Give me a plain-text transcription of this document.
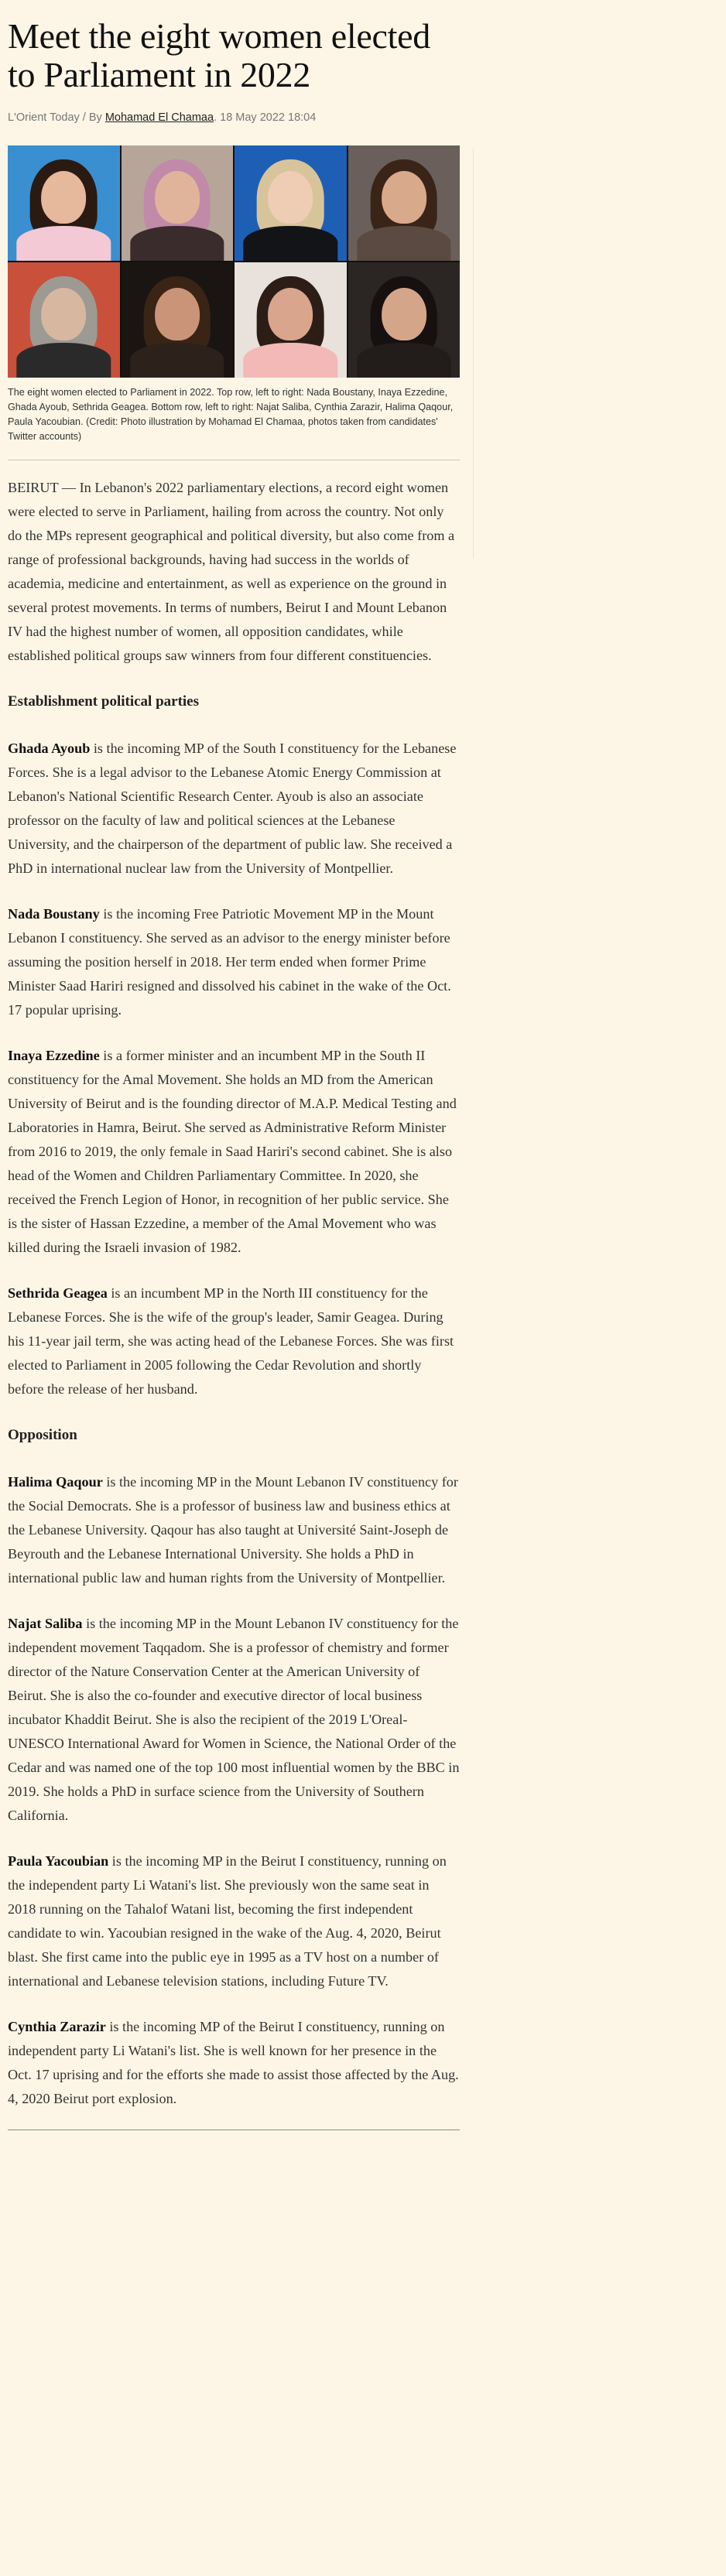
Meet the eight women elected to Parliament in 2022
L'Orient Today / By Mohamad El Chamaa. 18 May 2022 18:04
The eight women elected to Parliament in 2022. Top row, left to right: Nada Boustany, Inaya Ezzedine, Ghada Ayoub, Sethrida Geagea. Bottom row, left to right: Najat Saliba, Cynthia Zarazir, Halima Qaqour, Paula Yacoubian. (Credit: Photo illustration by Mohamad El Chamaa, photos taken from candidates' Twitter accounts)

BEIRUT — In Lebanon's 2022 parliamentary elections, a record eight women were elected to serve in Parliament, hailing from across the country. Not only do the MPs represent geographical and political diversity, but also come from a range of professional backgrounds, having had success in the worlds of academia, medicine and entertainment, as well as experience on the ground in several protest movements. In terms of numbers, Beirut I and Mount Lebanon IV had the highest number of women, all opposition candidates, while established political groups saw winners from four different constituencies.

Establishment political parties

Ghada Ayoub is the incoming MP of the South I constituency for the Lebanese Forces. She is a legal advisor to the Lebanese Atomic Energy Commission at Lebanon's National Scientific Research Center. Ayoub is also an associate professor on the faculty of law and political sciences at the Lebanese University, and the chairperson of the department of public law. She received a PhD in international nuclear law from the University of Montpellier.

Nada Boustany is the incoming Free Patriotic Movement MP in the Mount Lebanon I constituency. She served as an advisor to the energy minister before assuming the position herself in 2018. Her term ended when former Prime Minister Saad Hariri resigned and dissolved his cabinet in the wake of the Oct. 17 popular uprising.

Inaya Ezzedine is a former minister and an incumbent MP in the South II constituency for the Amal Movement. She holds an MD from the American University of Beirut and is the founding director of M.A.P. Medical Testing and Laboratories in Hamra, Beirut. She served as Administrative Reform Minister from 2016 to 2019, the only female in Saad Hariri's second cabinet. She is also head of the Women and Children Parliamentary Committee. In 2020, she received the French Legion of Honor, in recognition of her public service. She is the sister of Hassan Ezzedine, a member of the Amal Movement who was killed during the Israeli invasion of 1982.

Sethrida Geagea is an incumbent MP in the North III constituency for the Lebanese Forces. She is the wife of the group's leader, Samir Geagea. During his 11-year jail term, she was acting head of the Lebanese Forces. She was first elected to Parliament in 2005 following the Cedar Revolution and shortly before the release of her husband.

Opposition

Halima Qaqour is the incoming MP in the Mount Lebanon IV constituency for the Social Democrats. She is a professor of business law and business ethics at the Lebanese University. Qaqour has also taught at Université Saint-Joseph de Beyrouth and the Lebanese International University. She holds a PhD in international public law and human rights from the University of Montpellier.

Najat Saliba is the incoming MP in the Mount Lebanon IV constituency for the independent movement Taqqadom. She is a professor of chemistry and former director of the Nature Conservation Center at the American University of Beirut. She is also the co-founder and executive director of local business incubator Khaddit Beirut. She is also the recipient of the 2019 L'Oreal-UNESCO International Award for Women in Science, the National Order of the Cedar and was named one of the top 100 most influential women by the BBC in 2019. She holds a PhD in surface science from the University of Southern California.

Paula Yacoubian is the incoming MP in the Beirut I constituency, running on the independent party Li Watani's list. She previously won the same seat in 2018 running on the Tahalof Watani list, becoming the first independent candidate to win. Yacoubian resigned in the wake of the Aug. 4, 2020, Beirut blast. She first came into the public eye in 1995 as a TV host on a number of international and Lebanese television stations, including Future TV.

Cynthia Zarazir is the incoming MP of the Beirut I constituency, running on independent party Li Watani's list. She is well known for her presence in the Oct. 17 uprising and for the efforts she made to assist those affected by the Aug. 4, 2020 Beirut port explosion.
